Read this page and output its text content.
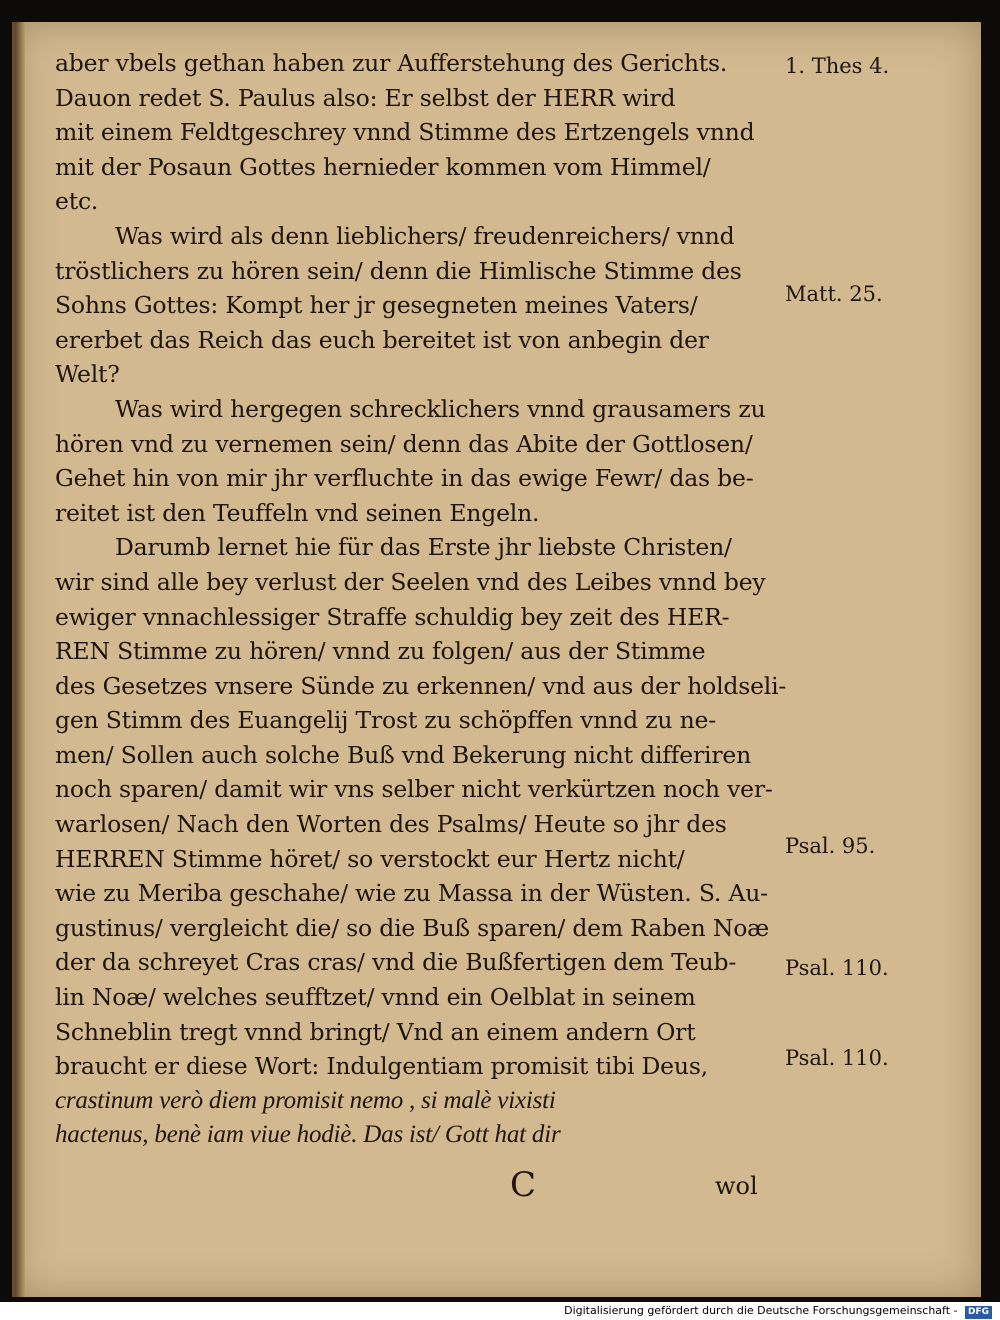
aber vbels gethan haben zur Aufferstehung des Gerichts.
Dauon redet S. Paulus also: Er selbst der HERR wird
mit einem Feldtgeschrey vnnd Stimme des Ertzengels vnnd
mit der Posaun Gottes hernieder kommen vom Himmel/
etc.
Was wird als denn lieblichers/ freudenreichers/ vnnd
tröstlichers zu hören sein/ denn die Himlische Stimme des
Sohns Gottes: Kompt her jr gesegneten meines Vaters/
ererbet das Reich das euch bereitet ist von anbegin der
Welt?
Was wird hergegen schrecklichers vnnd grausamers zu
hören vnd zu vernemen sein/ denn das Abite der Gottlosen/
Gehet hin von mir jhr verfluchte in das ewige Fewr/ das be-
reitet ist den Teuffeln vnd seinen Engeln.
Darumb lernet hie für das Erste jhr liebste Christen/
wir sind alle bey verlust der Seelen vnd des Leibes vnnd bey
ewiger vnnachlessiger Straffe schuldig bey zeit des HER-
REN Stimme zu hören/ vnnd zu folgen/ aus der Stimme
des Gesetzes vnsere Sünde zu erkennen/ vnd aus der holdseli-
gen Stimm des Euangelij Trost zu schöpffen vnnd zu ne-
men/ Sollen auch solche Buß vnd Bekerung nicht differiren
noch sparen/ damit wir vns selber nicht verkürtzen noch ver-
warlosen/ Nach den Worten des Psalms/ Heute so jhr des
HERREN Stimme höret/ so verstockt eur Hertz nicht/
wie zu Meriba geschahe/ wie zu Massa in der Wüsten. S. Au-
gustinus/ vergleicht die/ so die Buß sparen/ dem Raben Noæ
der da schreyet Cras cras/ vnd die Bußfertigen dem Teub-
lin Noæ/ welches seufftzet/ vnnd ein Oelblat in seinem
Schneblin tregt vnnd bringt/ Vnd an einem andern Ort
braucht er diese Wort: Indulgentiam promisit tibi Deus,
crastinum verò diem promisit nemo , si malè vixisti
hactenus, benè iam viue hodiè. Das ist/ Gott hat dir
1. Thes 4.
Matt. 25.
Psal. 95.
Psal. 110.
Psal. 110.
C	wol
Digitalisierung gefördert durch die Deutsche Forschungsgemeinschaft - DFG
